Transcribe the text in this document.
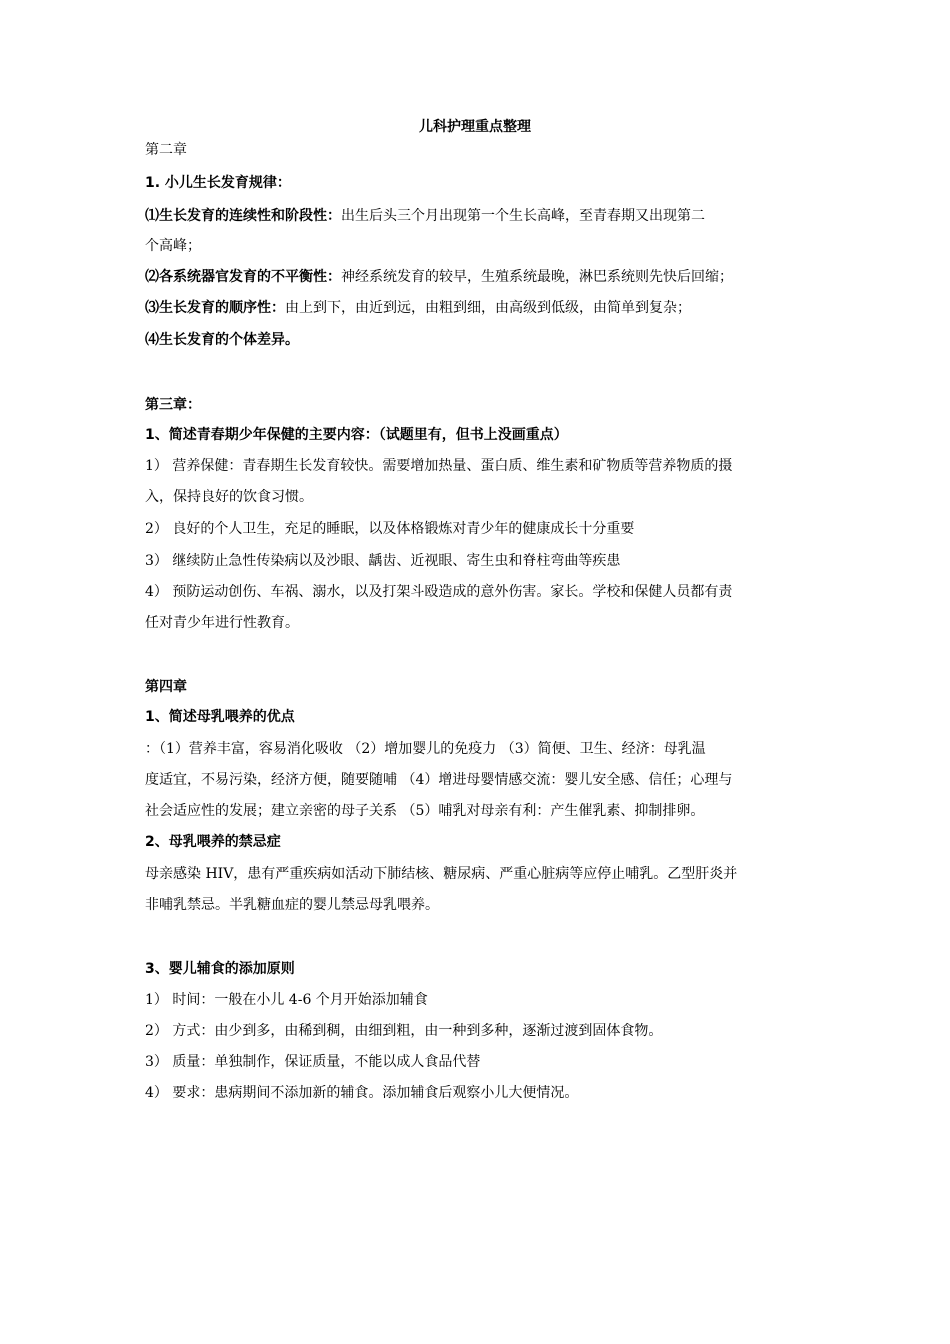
儿科护理重点整理
第二章
1. 小儿生长发育规律：
⑴生长发育的连续性和阶段性：出生后头三个月出现第一个生长高峰，至青春期又出现第二
个高峰；
⑵各系统器官发育的不平衡性：神经系统发育的较早，生殖系统最晚，淋巴系统则先快后回缩；
⑶生长发育的顺序性：由上到下，由近到远，由粗到细，由高级到低级，由简单到复杂；
⑷生长发育的个体差异。
第三章：
1、简述青春期少年保健的主要内容：（试题里有，但书上没画重点）
1） 营养保健：青春期生长发育较快。需要增加热量、蛋白质、维生素和矿物质等营养物质的摄
入，保持良好的饮食习惯。
2） 良好的个人卫生，充足的睡眠，以及体格锻炼对青少年的健康成长十分重要
3） 继续防止急性传染病以及沙眼、龋齿、近视眼、寄生虫和脊柱弯曲等疾患
4） 预防运动创伤、车祸、溺水，以及打架斗殴造成的意外伤害。家长。学校和保健人员都有责
任对青少年进行性教育。
第四章
1、简述母乳喂养的优点
：（1）营养丰富，容易消化吸收 （2）增加婴儿的免疫力 （3）简便、卫生、经济：母乳温
度适宜，不易污染，经济方便，随要随哺 （4）增进母婴情感交流：婴儿安全感、信任；心理与
社会适应性的发展；建立亲密的母子关系 （5）哺乳对母亲有利：产生催乳素、抑制排卵。
2、母乳喂养的禁忌症
母亲感染 HIV，患有严重疾病如活动下肺结核、糖尿病、严重心脏病等应停止哺乳。乙型肝炎并
非哺乳禁忌。半乳糖血症的婴儿禁忌母乳喂养。
3、婴儿辅食的添加原则
1） 时间：一般在小儿 4-6 个月开始添加辅食
2） 方式：由少到多，由稀到稠，由细到粗，由一种到多种，逐渐过渡到固体食物。
3） 质量：单独制作，保证质量，不能以成人食品代替
4） 要求：患病期间不添加新的辅食。添加辅食后观察小儿大便情况。
